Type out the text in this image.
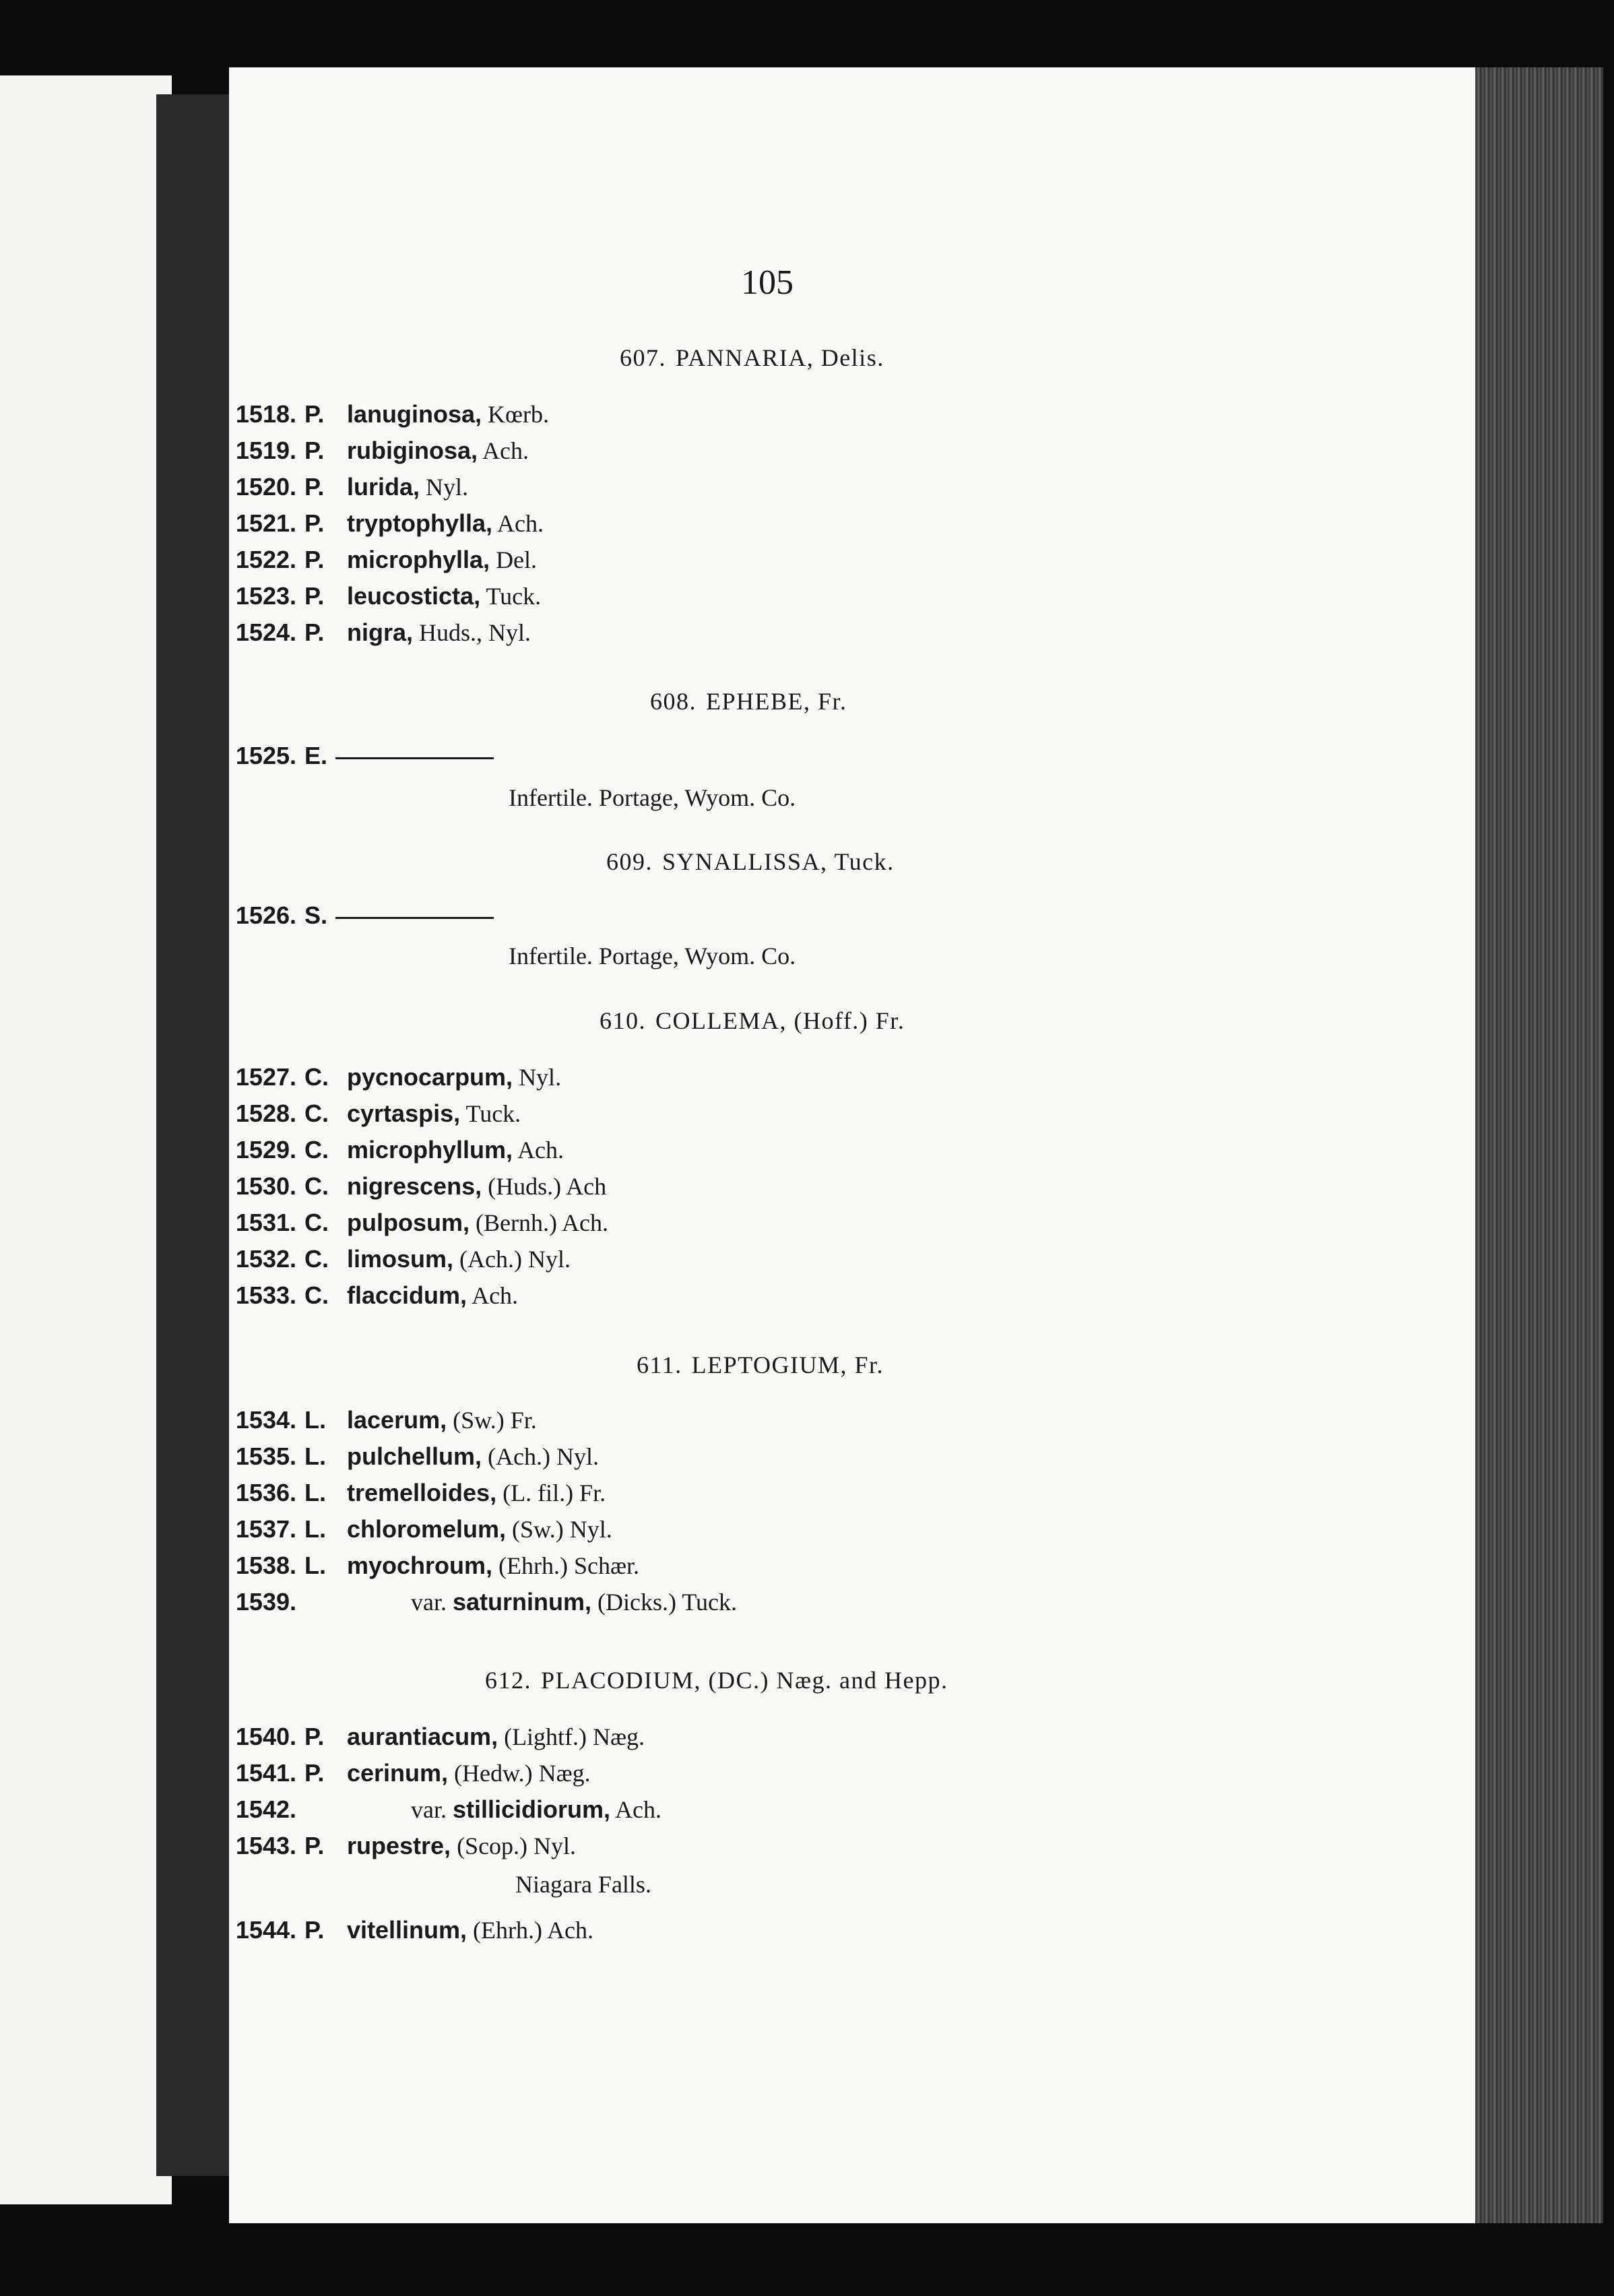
105
607. PANNARIA, Delis.
1518. P. lanuginosa, Kœrb.
1519. P. rubiginosa, Ach.
1520. P. lurida, Nyl.
1521. P. tryptophylla, Ach.
1522. P. microphylla, Del.
1523. P. leucosticta, Tuck.
1524. P. nigra, Huds., Nyl.
608. EPHEBE, Fr.
1525. E.
Infertile. Portage, Wyom. Co.
609. SYNALLISSA, Tuck.
1526. S.
Infertile. Portage, Wyom. Co.
610. COLLEMA, (Hoff.) Fr.
1527. C. pycnocarpum, Nyl.
1528. C. cyrtaspis, Tuck.
1529. C. microphyllum, Ach.
1530. C. nigrescens, (Huds.) Ach
1531. C. pulposum, (Bernh.) Ach.
1532. C. limosum, (Ach.) Nyl.
1533. C. flaccidum, Ach.
611. LEPTOGIUM, Fr.
1534. L. lacerum, (Sw.) Fr.
1535. L. pulchellum, (Ach.) Nyl.
1536. L. tremelloides, (L. fil.) Fr.
1537. L. chloromelum, (Sw.) Nyl.
1538. L. myochroum, (Ehrh.) Schær.
1539.	var. saturninum, (Dicks.) Tuck.
612. PLACODIUM, (DC.) Næg. and Hepp.
1540. P. aurantiacum, (Lightf.) Næg.
1541. P. cerinum, (Hedw.) Næg.
1542.	var. stillicidiorum, Ach.
1543. P. rupestre, (Scop.) Nyl.
Niagara Falls.
1544. P. vitellinum, (Ehrh.) Ach.
